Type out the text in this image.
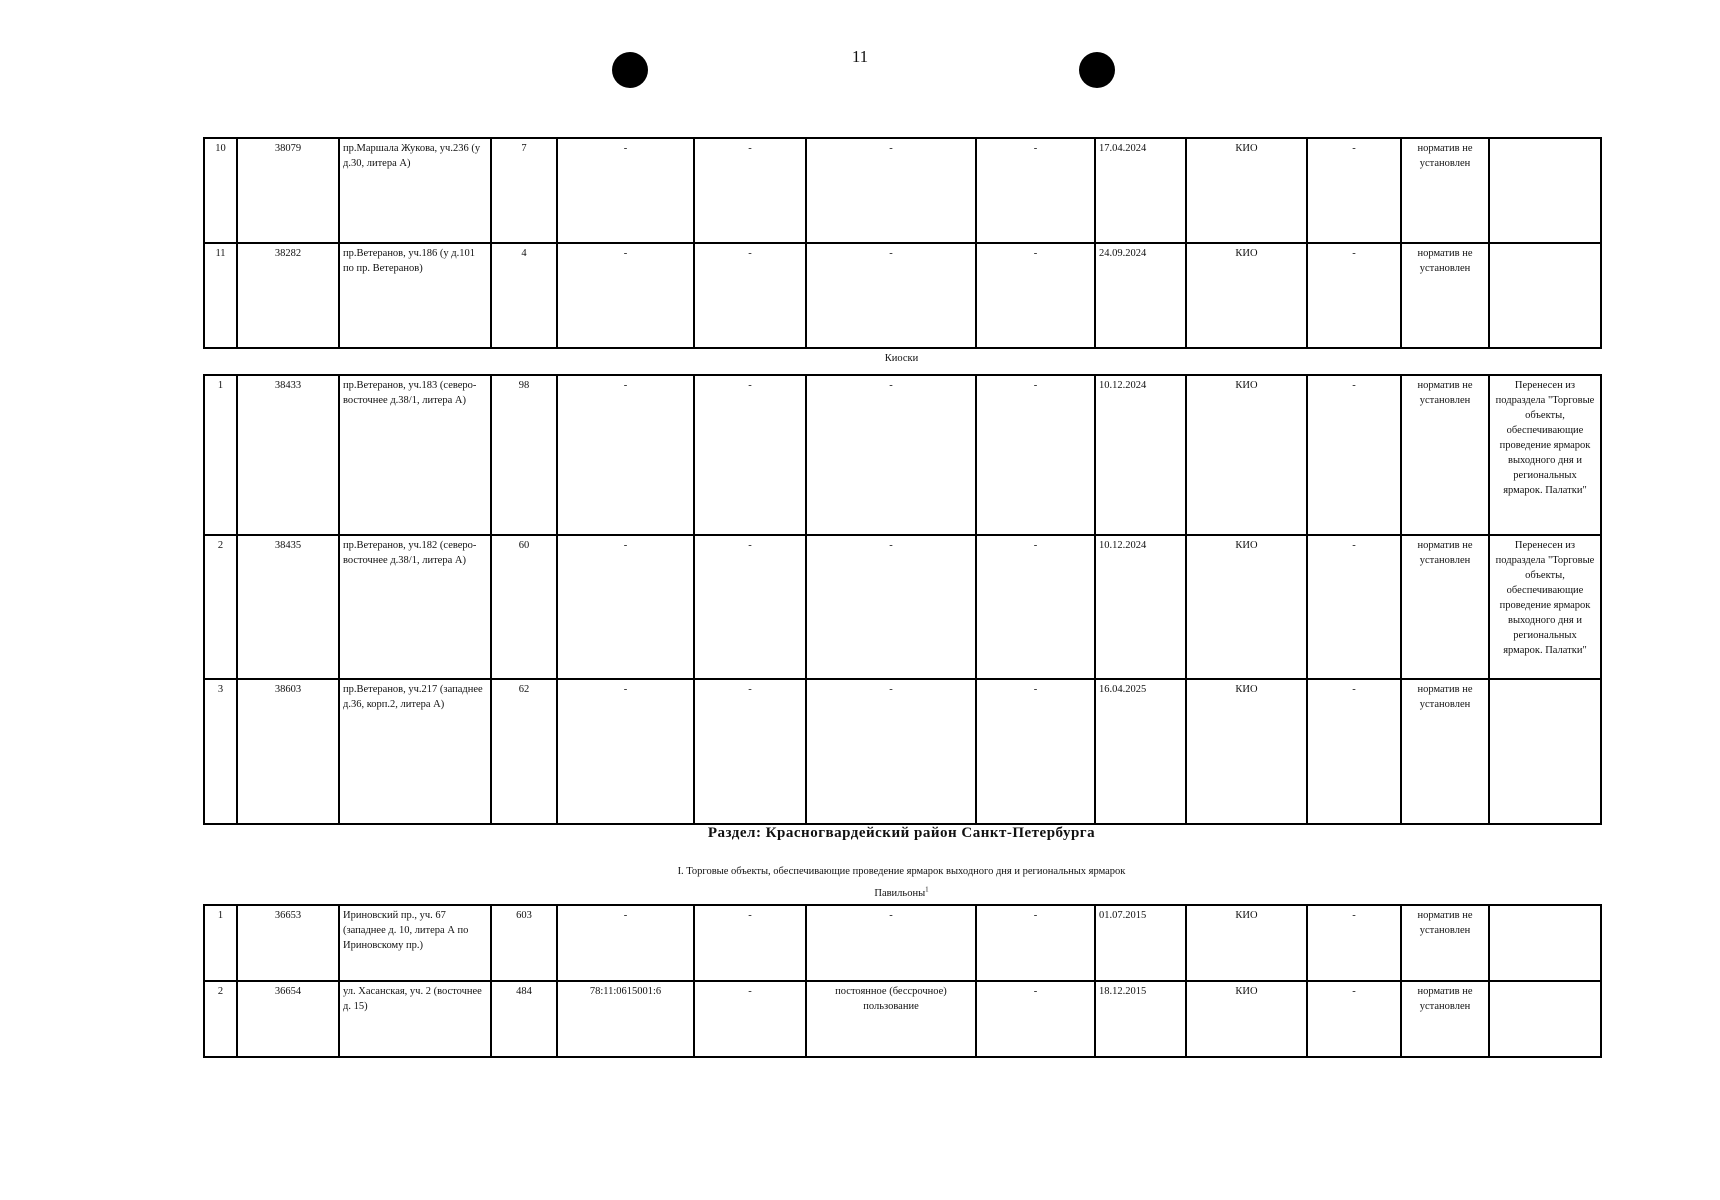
11
10	38079	пр.Маршала Жукова, уч.236 (у д.30, литера А)	7	-	-	-	-	17.04.2024	КИО	-	норматив не установлен	
11	38282	пр.Ветеранов, уч.186 (у д.101 по пр. Ветеранов)	4	-	-	-	-	24.09.2024	КИО	-	норматив не установлен	
Киоски
1	38433	пр.Ветеранов, уч.183 (северо-восточнее д.38/1, литера А)	98	-	-	-	-	10.12.2024	КИО	-	норматив не установлен	Перенесен из подраздела "Торговые объекты, обеспечивающие проведение ярмарок выходного дня и региональных ярмарок. Палатки"
2	38435	пр.Ветеранов, уч.182 (северо-восточнее д.38/1, литера А)	60	-	-	-	-	10.12.2024	КИО	-	норматив не установлен	Перенесен из подраздела "Торговые объекты, обеспечивающие проведение ярмарок выходного дня и региональных ярмарок. Палатки"
3	38603	пр.Ветеранов, уч.217 (западнее д.36, корп.2, литера А)	62	-	-	-	-	16.04.2025	КИО	-	норматив не установлен	
Раздел: Красногвардейский район Санкт-Петербурга
I. Торговые объекты, обеспечивающие проведение ярмарок выходного дня и региональных ярмарок
Павильоны$^1$
1	36653	Ириновский пр., уч. 67 (западнее д. 10, литера А по Ириновскому пр.)	603	-	-	-	-	01.07.2015	КИО	-	норматив не установлен	
2	36654	ул. Хасанская, уч. 2 (восточнее д. 15)	484	78:11:0615001:6	-	постоянное (бессрочное) пользование	-	18.12.2015	КИО	-	норматив не установлен	
